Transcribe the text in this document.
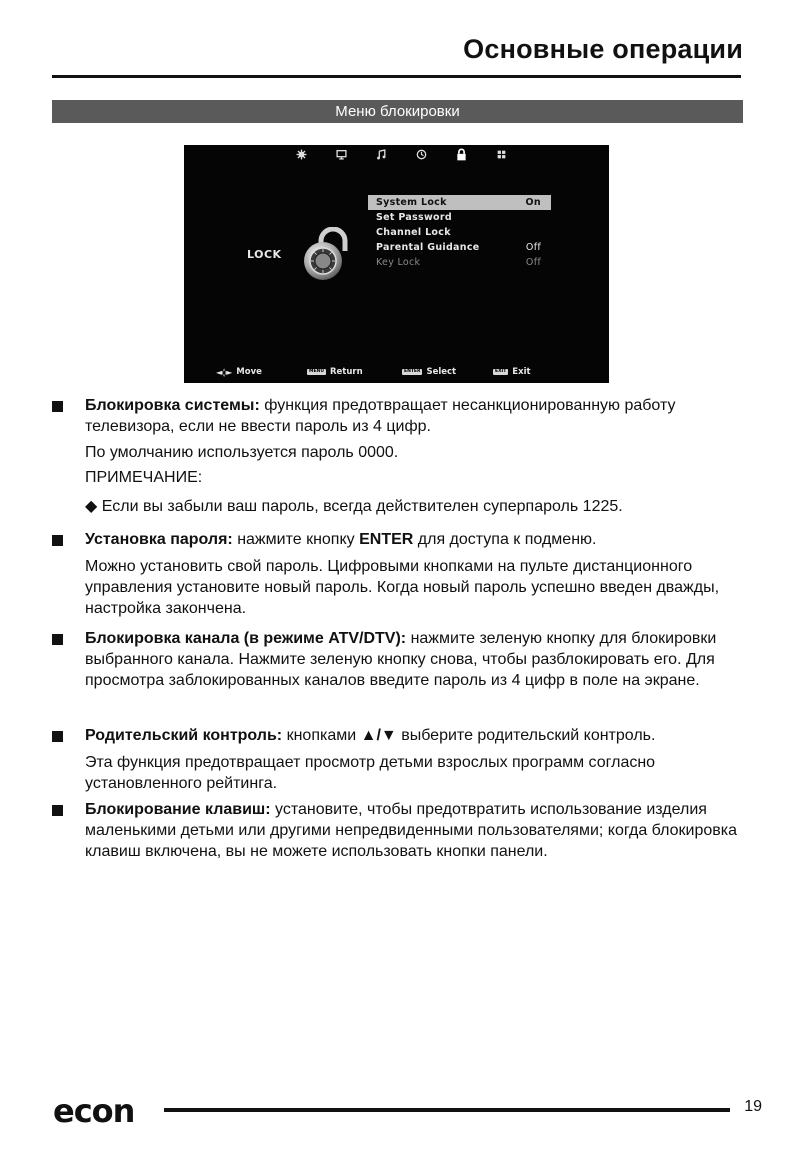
Основные операции
Меню блокировки
LOCK
System Lock	On
Set Password
Channel Lock
Parental Guidance	Off
Key Lock	Off
◄◊► Move	MENU Return	ENTER Select	EXIT Exit
Блокировка системы: функция предотвращает несанкционированную работу телевизора, если не ввести пароль из 4 цифр.
По умолчанию используется пароль 0000.
ПРИМЕЧАНИЕ:
◆ Если вы забыли ваш пароль, всегда действителен суперпароль 1225.
Установка пароля: нажмите кнопку ENTER для доступа к подменю.
Можно установить свой пароль. Цифровыми кнопками на пульте дистанционного управления установите новый пароль. Когда новый пароль успешно введен дважды, настройка закончена.
Блокировка канала (в режиме ATV/DTV): нажмите зеленую кнопку для блокировки выбранного канала. Нажмите зеленую кнопку снова, чтобы разблокировать его. Для просмотра заблокированных каналов введите пароль из 4 цифр в поле на экране.
Родительский контроль: кнопками ▲/▼ выберите родительский контроль.
Эта функция предотвращает просмотр детьми взрослых программ согласно установленного рейтинга.
Блокирование клавиш: установите, чтобы предотвратить использование изделия маленькими детьми или другими непредвиденными пользователями; когда блокировка клавиш включена, вы не можете использовать кнопки панели.
econ	19
